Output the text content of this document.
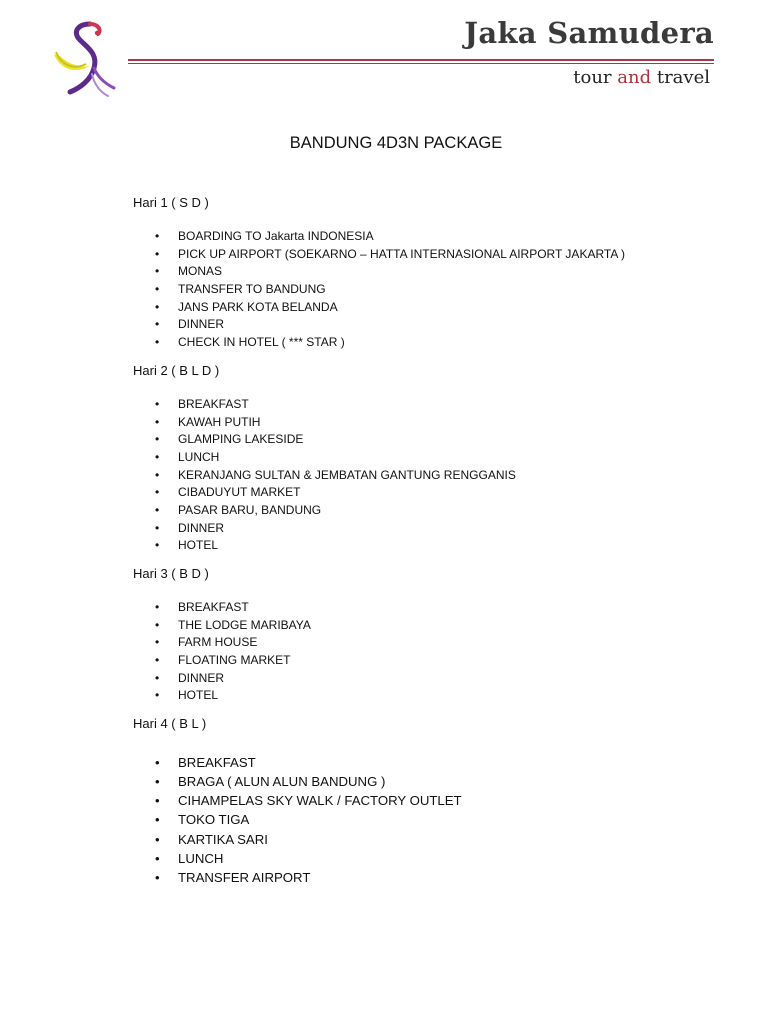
Jaka Samudera

tour and travel

BANDUNG 4D3N PACKAGE
Hari 1 ( S D )
• BOARDING TO Jakarta INDONESIA
• PICK UP AIRPORT (SOEKARNO – HATTA INTERNASIONAL AIRPORT JAKARTA )
• MONAS
• TRANSFER TO BANDUNG
• JANS PARK KOTA BELANDA
• DINNER
• CHECK IN HOTEL ( *** STAR )
Hari 2 ( B L D )
• BREAKFAST
• KAWAH PUTIH
• GLAMPING LAKESIDE
• LUNCH
• KERANJANG SULTAN & JEMBATAN GANTUNG RENGGANIS
• CIBADUYUT MARKET
• PASAR BARU, BANDUNG
• DINNER
• HOTEL
Hari 3 ( B D )
• BREAKFAST
• THE LODGE MARIBAYA
• FARM HOUSE
• FLOATING MARKET
• DINNER
• HOTEL
Hari 4 ( B L )
• BREAKFAST
• BRAGA ( ALUN ALUN BANDUNG )
• CIHAMPELAS SKY WALK / FACTORY OUTLET
• TOKO TIGA
• KARTIKA SARI
• LUNCH
• TRANSFER AIRPORT
